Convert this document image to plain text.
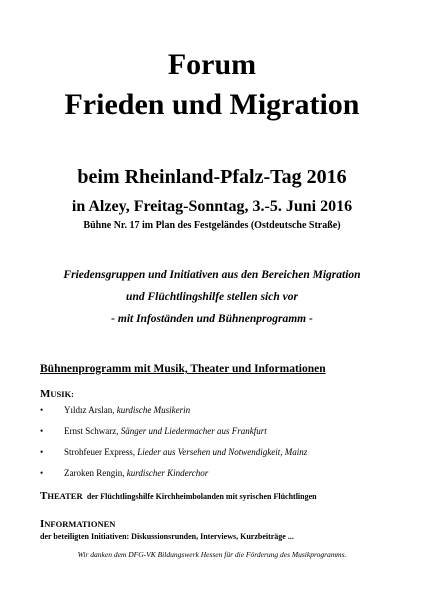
Forum
Frieden und Migration

beim Rheinland-Pfalz-Tag 2016

in Alzey, Freitag-Sonntag, 3.-5. Juni 2016

Bühne Nr. 17 im Plan des Festgeländes (Ostdeutsche Straße)

Friedensgruppen und Initiativen aus den Bereichen Migration

und Flüchtlingshilfe stellen sich vor

- mit Infoständen und Bühnenprogramm -

Bühnenprogramm mit Musik, Theater und Informationen

MUSIK:

• Yıldız Arslan, kurdische Musikerin
• Ernst Schwarz, Sänger und Liedermacher aus Frankfurt
• Strohfeuer Express, Lieder aus Versehen und Notwendigkeit, Mainz
• Zaroken Rengin, kurdischer Kinderchor

THEATER der Flüchtlingshilfe Kirchheimbolanden mit syrischen Flüchtlingen

INFORMATIONEN

der beteiligten Initiativen: Diskussionsrunden, Interviews, Kurzbeiträge ...

Wir danken dem DFG-VK Bildungswerk Hessen für die Förderung des Musikprogramms.
